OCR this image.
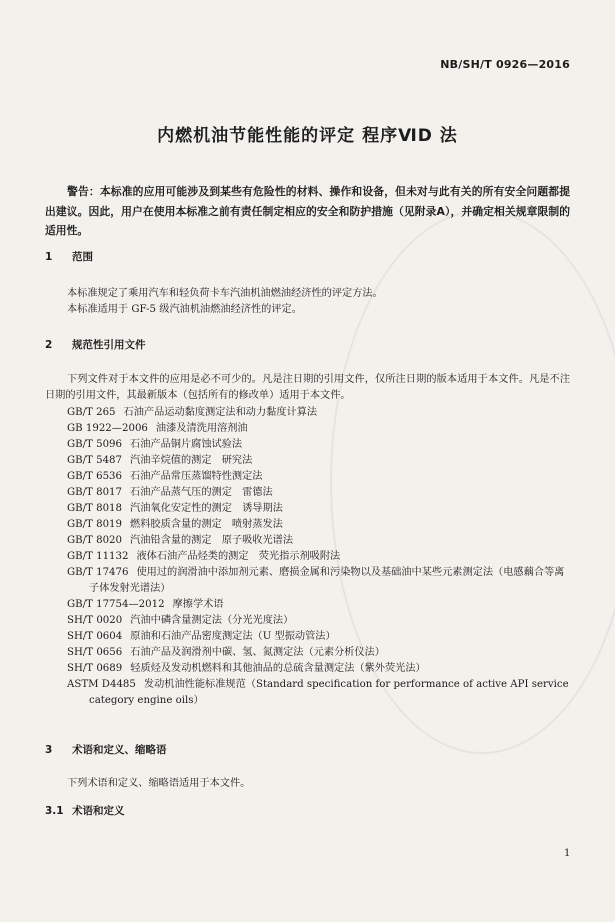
NB/SH/T 0926—2016
内燃机油节能性能的评定 程序ⅥD 法
警告：本标准的应用可能涉及到某些有危险性的材料、操作和设备，但未对与此有关的所有安全问题都提出建议。因此，用户在使用本标准之前有责任制定相应的安全和防护措施（见附录A），并确定相关规章限制的适用性。
1 范围
本标准规定了乘用汽车和轻负荷卡车汽油机油燃油经济性的评定方法。
本标准适用于 GF-5 级汽油机油燃油经济性的评定。
2 规范性引用文件
下列文件对于本文件的应用是必不可少的。凡是注日期的引用文件，仅所注日期的版本适用于本文件。凡是不注日期的引用文件，其最新版本（包括所有的修改单）适用于本文件。
GB/T 265 石油产品运动黏度测定法和动力黏度计算法
GB 1922—2006 油漆及清洗用溶剂油
GB/T 5096 石油产品铜片腐蚀试验法
GB/T 5487 汽油辛烷值的测定　研究法
GB/T 6536 石油产品常压蒸馏特性测定法
GB/T 8017 石油产品蒸气压的测定　雷德法
GB/T 8018 汽油氧化安定性的测定　诱导期法
GB/T 8019 燃料胶质含量的测定　喷射蒸发法
GB/T 8020 汽油铅含量的测定　原子吸收光谱法
GB/T 11132 液体石油产品烃类的测定　荧光指示剂吸附法
GB/T 17476 使用过的润滑油中添加剂元素、磨损金属和污染物以及基础油中某些元素测定法（电感藕合等离子体发射光谱法）
GB/T 17754—2012 摩擦学术语
SH/T 0020 汽油中磷含量测定法（分光光度法）
SH/T 0604 原油和石油产品密度测定法（U 型振动管法）
SH/T 0656 石油产品及润滑剂中碳、氢、氮测定法（元素分析仪法）
SH/T 0689 轻质烃及发动机燃料和其他油品的总硫含量测定法（紫外荧光法）
ASTM D4485 发动机油性能标准规范（Standard specification for performance of active API service category engine oils）
3 术语和定义、缩略语
下列术语和定义、缩略语适用于本文件。
3.1 术语和定义
1
